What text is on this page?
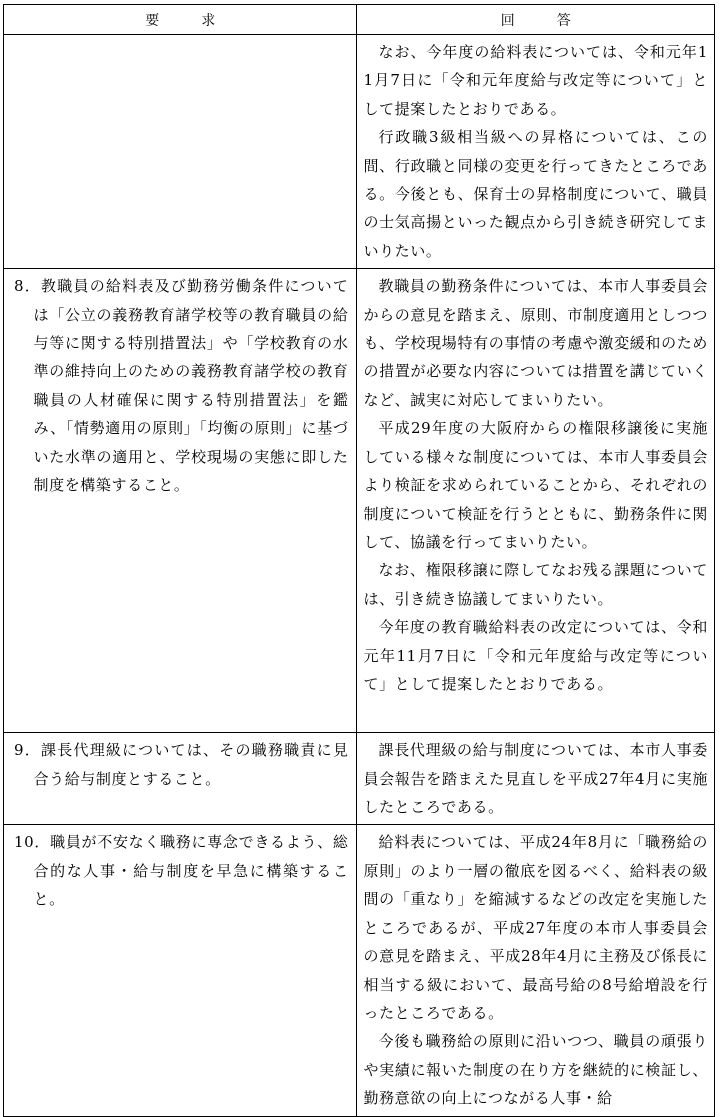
要　　　求	回　　　答

	なお、今年度の給料表については、令和元年11月7日に「令和元年度給与改定等について」として提案したとおりである。

行政職3級相当級への昇格については、この間、行政職と同様の変更を行ってきたところである。今後とも、保育士の昇格制度について、職員の士気高揚といった観点から引き続き研究してまいりたい。

8．教職員の給料表及び勤務労働条件については「公立の義務教育諸学校等の教育職員の給与等に関する特別措置法」や「学校教育の水準の維持向上のための義務教育諸学校の教育職員の人材確保に関する特別措置法」を鑑み、「情勢適用の原則」「均衡の原則」に基づいた水準の適用と、学校現場の実態に即した制度を構築すること。	教職員の勤務条件については、本市人事委員会からの意見を踏まえ、原則、市制度適用としつつも、学校現場特有の事情の考慮や激変緩和のための措置が必要な内容については措置を講じていくなど、誠実に対応してまいりたい。

平成29年度の大阪府からの権限移譲後に実施している様々な制度については、本市人事委員会より検証を求められていることから、それぞれの制度について検証を行うとともに、勤務条件に関して、協議を行ってまいりたい。

なお、権限移譲に際してなお残る課題については、引き続き協議してまいりたい。

今年度の教育職給料表の改定については、令和元年11月7日に「令和元年度給与改定等について」として提案したとおりである。

9．課長代理級については、その職務職責に見合う給与制度とすること。	課長代理級の給与制度については、本市人事委員会報告を踏まえた見直しを平成27年4月に実施したところである。

10．職員が不安なく職務に専念できるよう、総合的な人事・給与制度を早急に構築すること。	給料表については、平成24年8月に「職務給の原則」のより一層の徹底を図るべく、給料表の級間の「重なり」を縮減するなどの改定を実施したところであるが、平成27年度の本市人事委員会の意見を踏まえ、平成28年4月に主務及び係長に相当する級において、最高号給の8号給増設を行ったところである。

今後も職務給の原則に沿いつつ、職員の頑張りや実績に報いた制度の在り方を継続的に検証し、勤務意欲の向上につながる人事・給
